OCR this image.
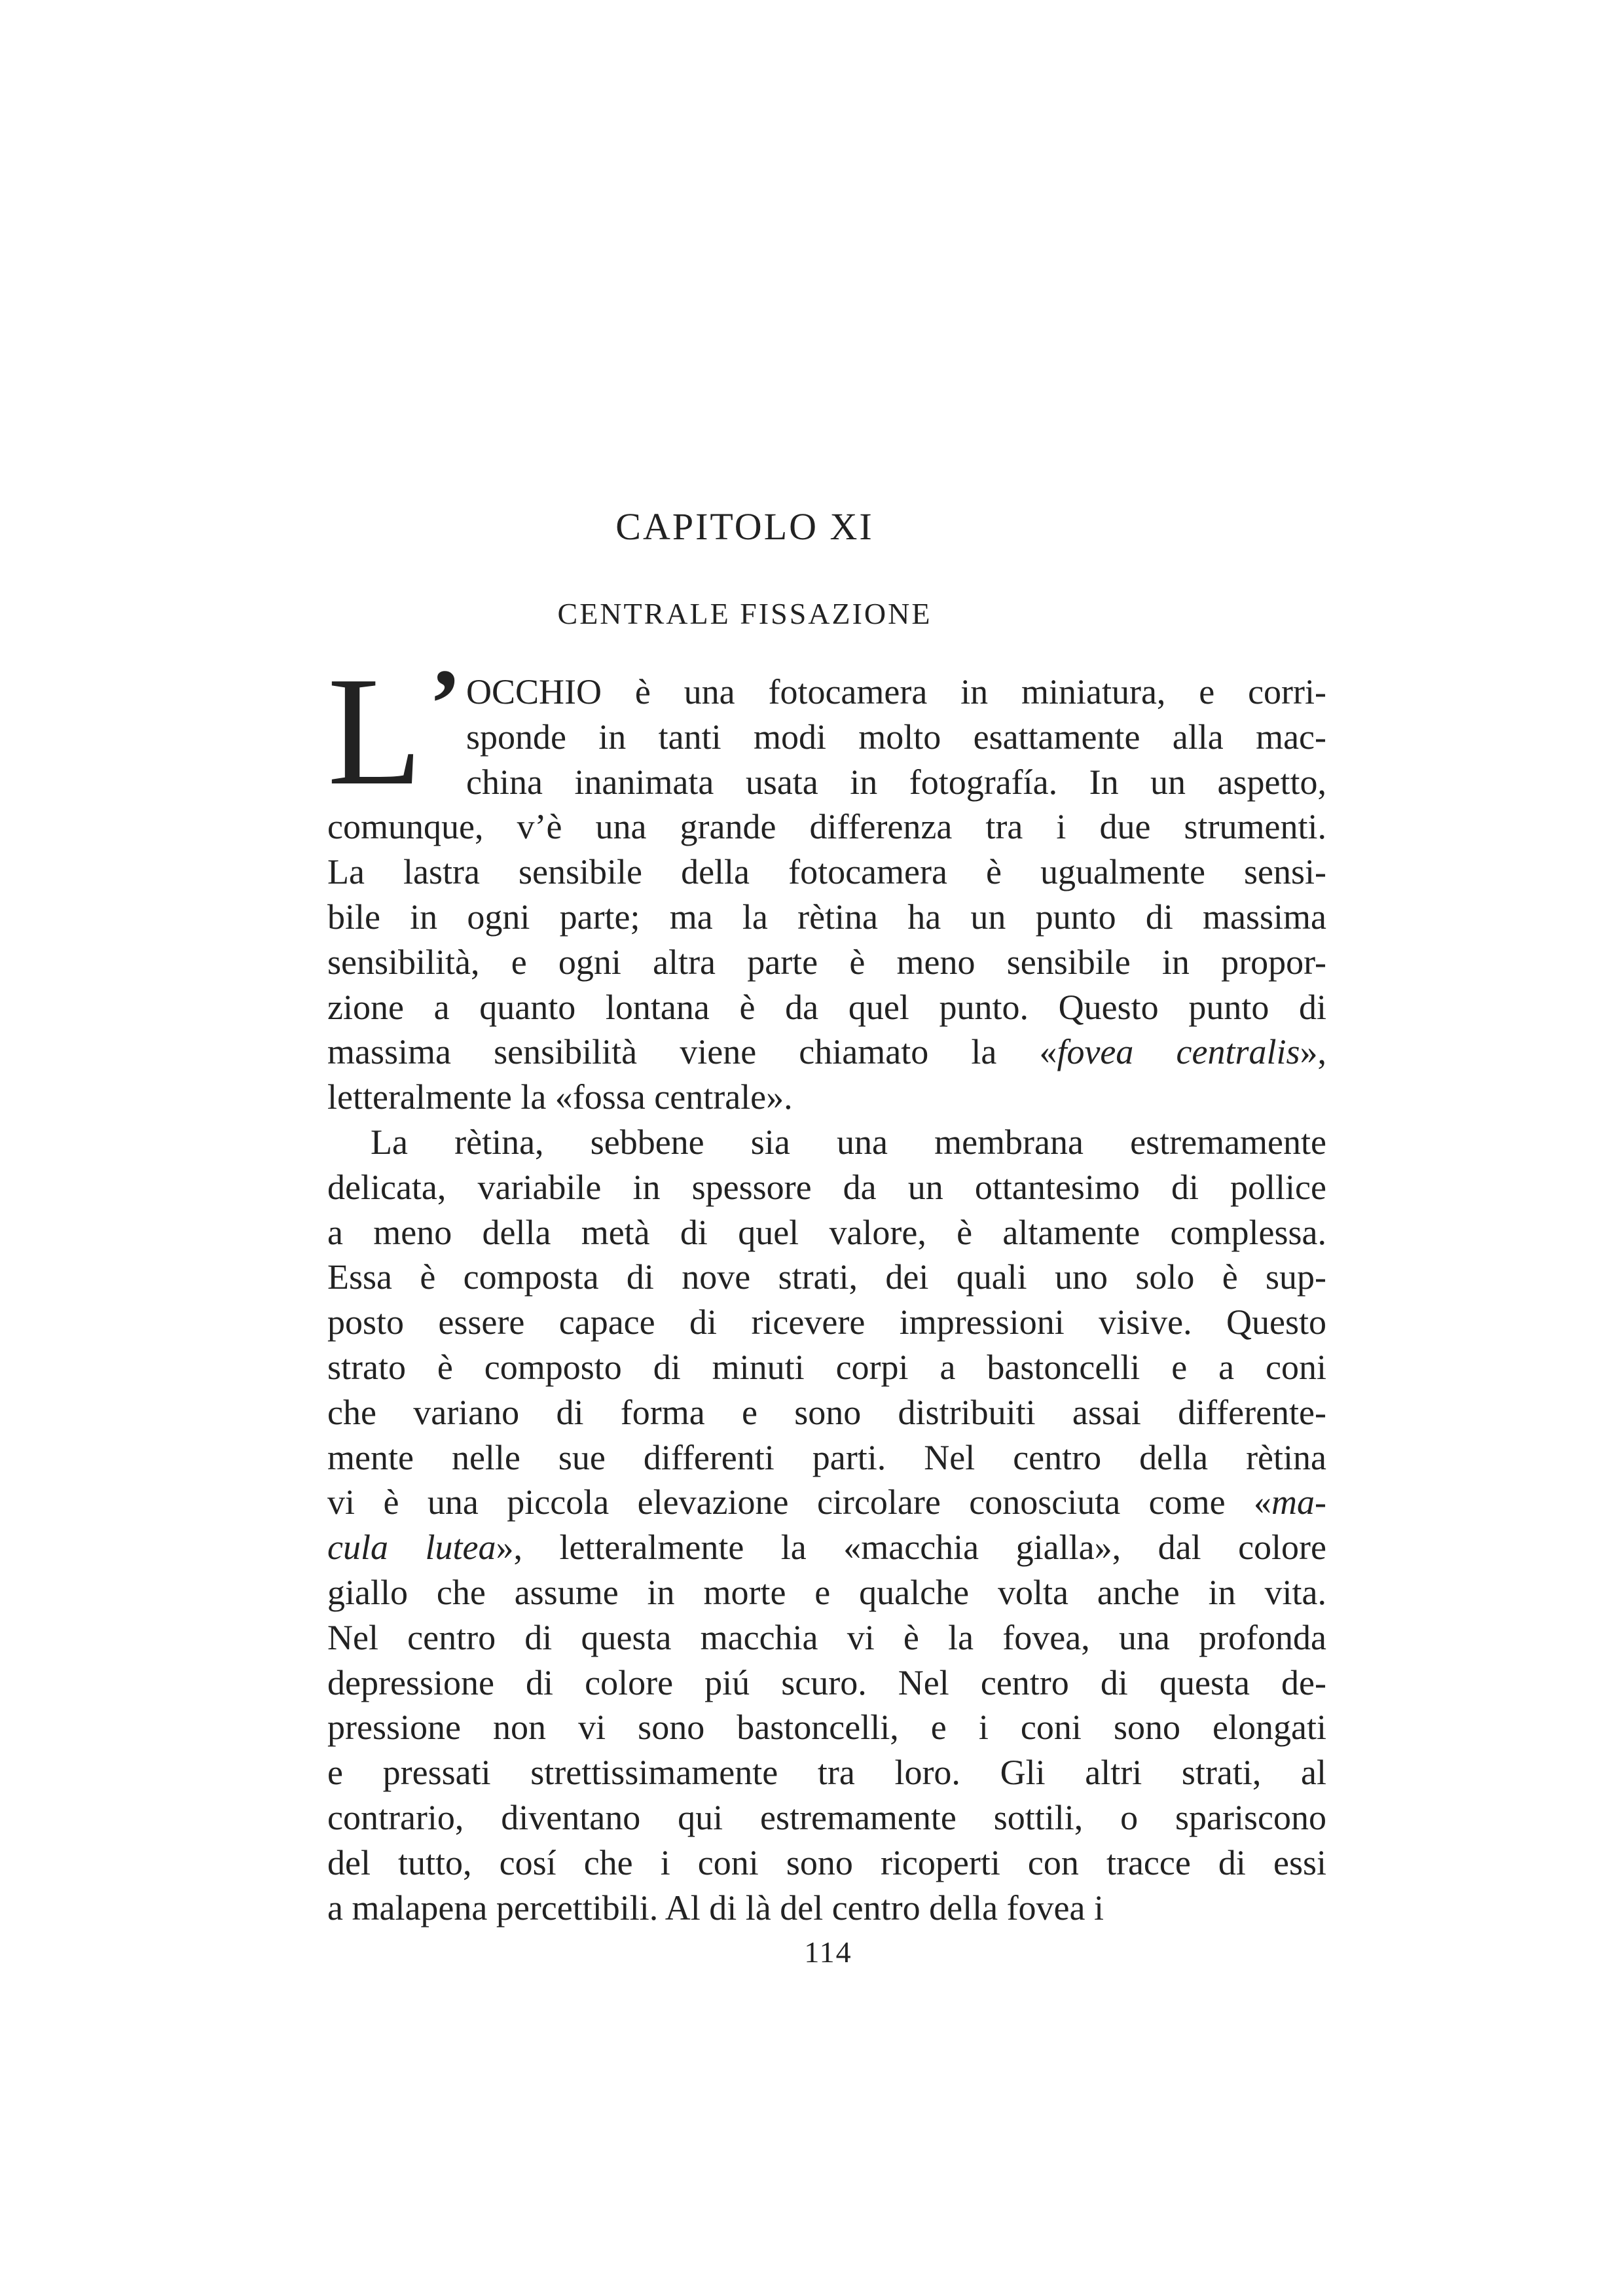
CAPITOLO XI
CENTRALE FISSAZIONE
L ’ OCCHIO è una fotocamera in miniatura, e corri-
sponde in tanti modi molto esattamente alla mac-
china inanimata usata in fotografía. In un aspetto,
comunque, v’è una grande differenza tra i due strumenti.
La lastra sensibile della fotocamera è ugualmente sensi-
bile in ogni parte; ma la rètina ha un punto di massima
sensibilità, e ogni altra parte è meno sensibile in propor-
zione a quanto lontana è da quel punto. Questo punto di
massima sensibilità viene chiamato la «fovea centralis»,
letteralmente la «fossa centrale».
La rètina, sebbene sia una membrana estremamente
delicata, variabile in spessore da un ottantesimo di pollice
a meno della metà di quel valore, è altamente complessa.
Essa è composta di nove strati, dei quali uno solo è sup-
posto essere capace di ricevere impressioni visive. Questo
strato è composto di minuti corpi a bastoncelli e a coni
che variano di forma e sono distribuiti assai differente-
mente nelle sue differenti parti. Nel centro della rètina
vi è una piccola elevazione circolare conosciuta come «ma-
cula lutea», letteralmente la «macchia gialla», dal colore
giallo che assume in morte e qualche volta anche in vita.
Nel centro di questa macchia vi è la fovea, una profonda
depressione di colore piú scuro. Nel centro di questa de-
pressione non vi sono bastoncelli, e i coni sono elongati
e pressati strettissimamente tra loro. Gli altri strati, al
contrario, diventano qui estremamente sottili, o spariscono
del tutto, cosí che i coni sono ricoperti con tracce di essi
a malapena percettibili. Al di là del centro della fovea i
114
